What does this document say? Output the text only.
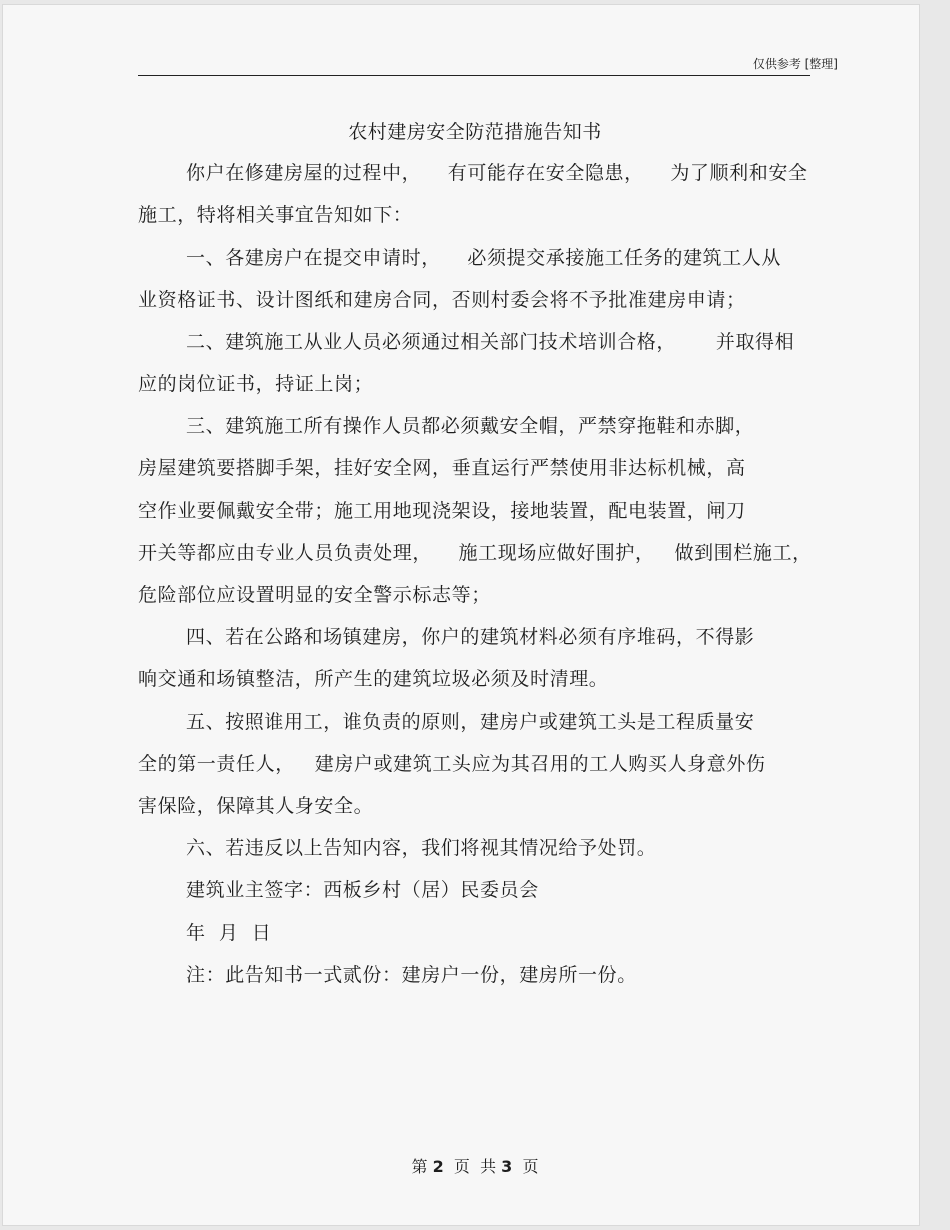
仅供参考 [整理]
农村建房安全防范措施告知书
你户在修建房屋的过程中，    有可能存在安全隐患，    为了顺利和安全
施工，特将相关事宜告知如下：
一、各建房户在提交申请时，    必须提交承接施工任务的建筑工人从
业资格证书、设计图纸和建房合同，否则村委会将不予批准建房申请；
二、建筑施工从业人员必须通过相关部门技术培训合格，      并取得相
应的岗位证书，持证上岗；
三、建筑施工所有操作人员都必须戴安全帽，严禁穿拖鞋和赤脚，
房屋建筑要搭脚手架，挂好安全网，垂直运行严禁使用非达标机械，高
空作业要佩戴安全带；施工用地现浇架设，接地装置，配电装置，闸刀
开关等都应由专业人员负责处理，    施工现场应做好围护，   做到围栏施工，
危险部位应设置明显的安全警示标志等；
四、若在公路和场镇建房，你户的建筑材料必须有序堆码，不得影
响交通和场镇整洁，所产生的建筑垃圾必须及时清理。
五、按照谁用工，谁负责的原则，建房户或建筑工头是工程质量安
全的第一责任人，   建房户或建筑工头应为其召用的工人购买人身意外伤
害保险，保障其人身安全。
六、若违反以上告知内容，我们将视其情况给予处罚。
建筑业主签字：西板乡村（居）民委员会
年  月  日
注：此告知书一式贰份：建房户一份，建房所一份。
第 2  页  共 3  页
